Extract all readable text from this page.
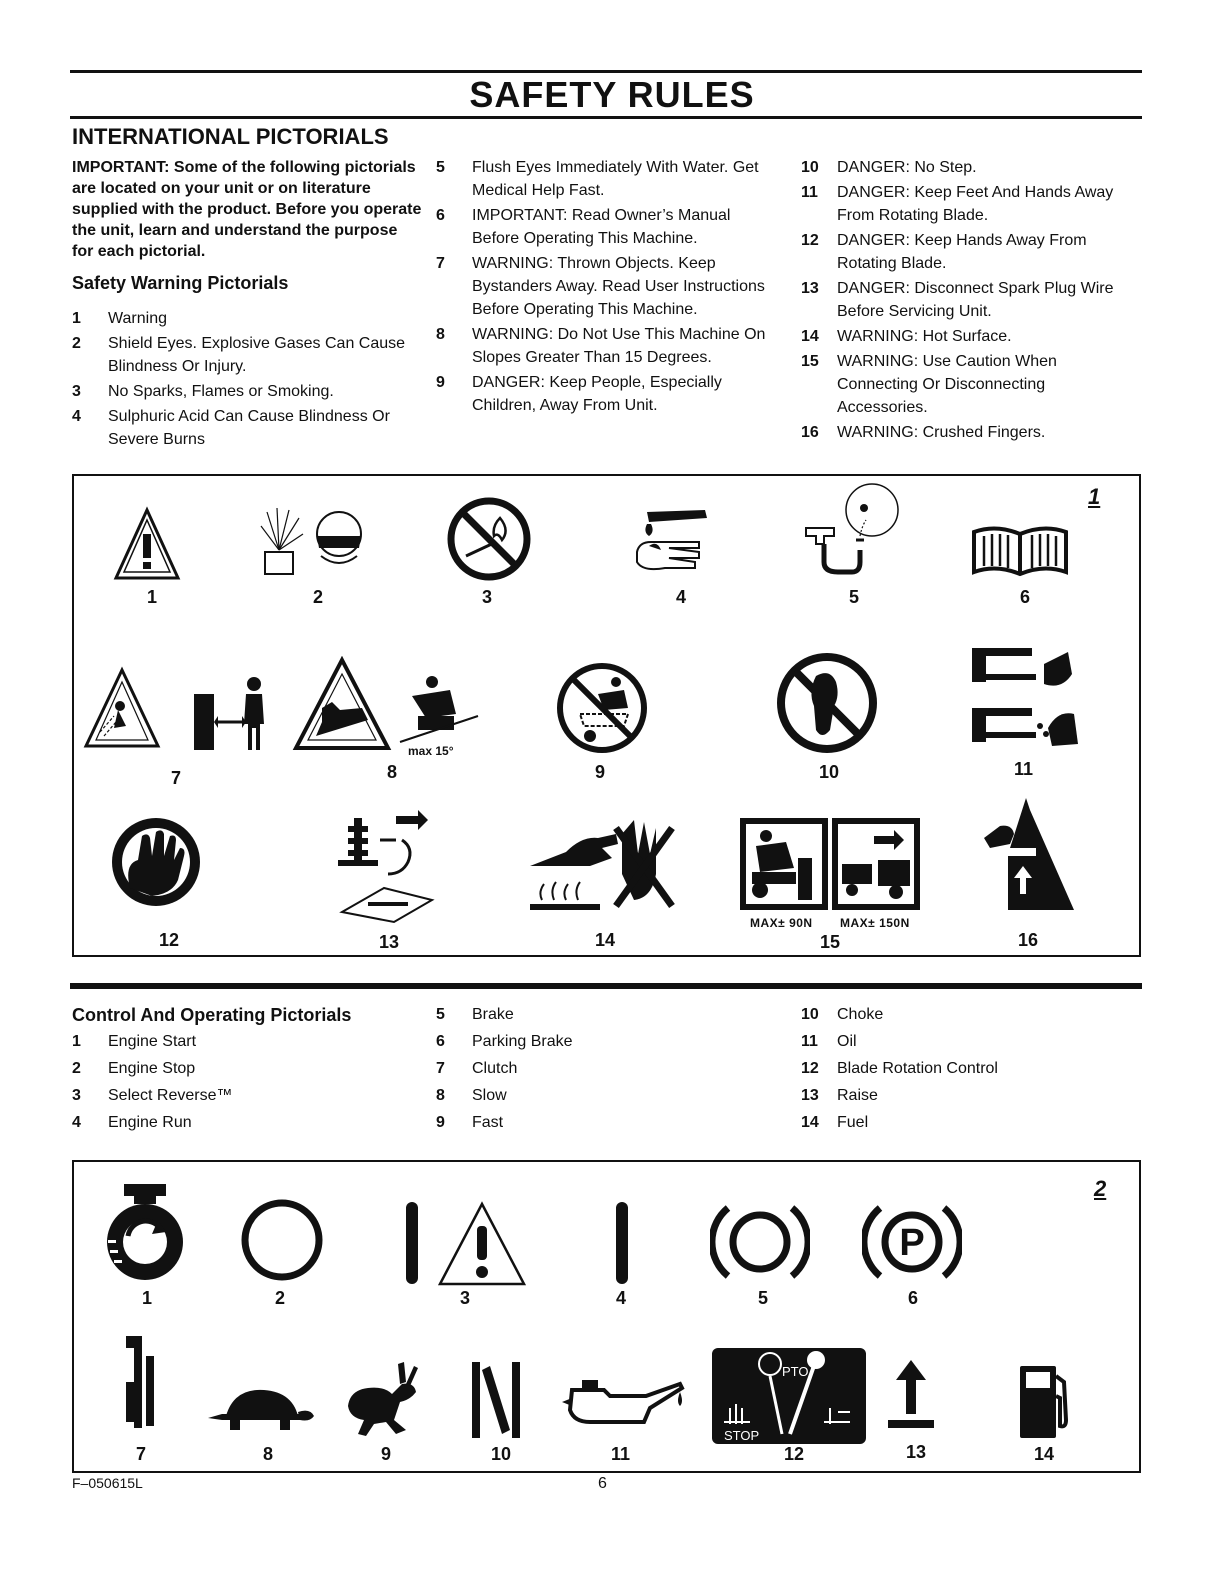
SAFETY RULES
INTERNATIONAL PICTORIALS
IMPORTANT: Some of the following pictorials are located on your unit or on literature supplied with the product. Before you operate the unit, learn and understand the purpose for each pictorial.
Safety Warning Pictorials
1 Warning
2 Shield Eyes. Explosive Gases Can Cause Blindness Or Injury.
3 No Sparks, Flames or Smoking.
4 Sulphuric Acid Can Cause Blindness Or Severe Burns
5 Flush Eyes Immediately With Water. Get Medical Help Fast.
6 IMPORTANT: Read Owner’s Manual Before Operating This Machine.
7 WARNING: Thrown Objects. Keep Bystanders Away. Read User Instructions Before Operating This Machine.
8 WARNING: Do Not Use This Machine On Slopes Greater Than 15 Degrees.
9 DANGER: Keep People, Especially Children, Away From Unit.
10 DANGER: No Step.
11 DANGER: Keep Feet And Hands Away From Rotating Blade.
12 DANGER: Keep Hands Away From Rotating Blade.
13 DANGER: Disconnect Spark Plug Wire Before Servicing Unit.
14 WARNING: Hot Surface.
15 WARNING: Use Caution When Connecting Or Disconnecting Accessories.
16 WARNING: Crushed Fingers.
1
1	2	3	4	5	6
7
max 15°
8	9	10	11
12	13	14
MAX± 90N MAX± 150N
15	16
Control And Operating Pictorials
1 Engine Start
2 Engine Stop
3 Select Reverse™
4 Engine Run
5 Brake
6 Parking Brake
7 Clutch
8 Slow
9 Fast
10 Choke
11 Oil
12 Blade Rotation Control
13 Raise
14 Fuel
2
1	2	3	4	5
P
6
7	8	9	10	11
PTO
STOP
12	13	14
F–050615L	6
